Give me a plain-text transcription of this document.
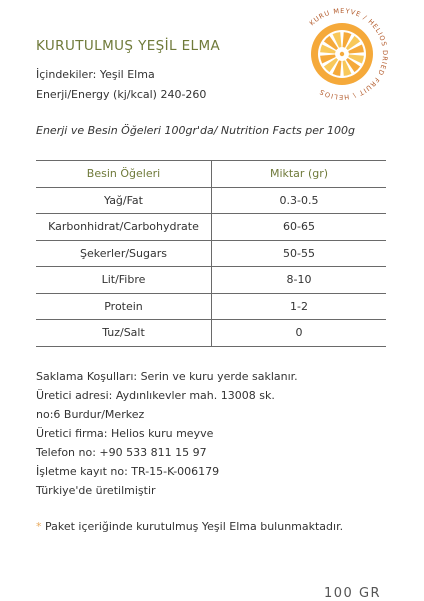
KURUTULMUŞ YEŞİL ELMA
İçindekiler: Yeşil Elma
Enerji/Energy (kj/kcal) 240-260
KURU MEYVE / HELIOS DRIED FRUIT \ HELIOS
Enerji ve Besin Öğeleri 100gr'da/ Nutrition Facts per 100g
Besin Öğeleri	Miktar (gr)
Yağ/Fat	0.3-0.5
Karbonhidrat/Carbohydrate	60-65
Şekerler/Sugars	50-55
Lit/Fibre	8-10
Protein	1-2
Tuz/Salt	0
Saklama Koşulları: Serin ve kuru yerde saklanır.
Üretici adresi: Aydınlıkevler mah. 13008 sk.
no:6 Burdur/Merkez
Üretici firma: Helios kuru meyve
Telefon no: +90 533 811 15 97
İşletme kayıt no: TR-15-K-006179
Türkiye'de üretilmiştir
* Paket içeriğinde kurutulmuş Yeşil Elma bulunmaktadır.
100 GR
